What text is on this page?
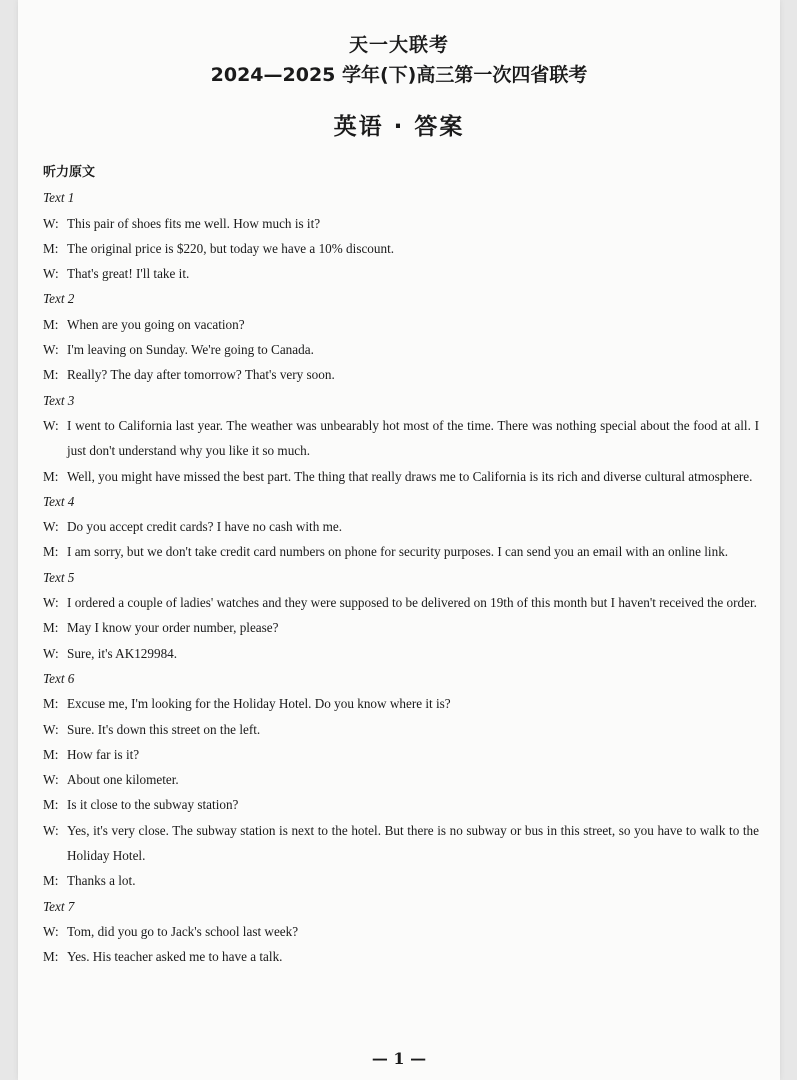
天一大联考
2024—2025 学年(下)高三第一次四省联考
英语 · 答案
听力原文
Text 1
W: This pair of shoes fits me well. How much is it?
M: The original price is $220, but today we have a 10% discount.
W: That's great! I'll take it.
Text 2
M: When are you going on vacation?
W: I'm leaving on Sunday. We're going to Canada.
M: Really? The day after tomorrow? That's very soon.
Text 3
W: I went to California last year. The weather was unbearably hot most of the time. There was nothing special about the food at all. I just don't understand why you like it so much.
M: Well, you might have missed the best part. The thing that really draws me to California is its rich and diverse cultural atmosphere.
Text 4
W: Do you accept credit cards? I have no cash with me.
M: I am sorry, but we don't take credit card numbers on phone for security purposes. I can send you an email with an online link.
Text 5
W: I ordered a couple of ladies' watches and they were supposed to be delivered on 19th of this month but I haven't received the order.
M: May I know your order number, please?
W: Sure, it's AK129984.
Text 6
M: Excuse me, I'm looking for the Holiday Hotel. Do you know where it is?
W: Sure. It's down this street on the left.
M: How far is it?
W: About one kilometer.
M: Is it close to the subway station?
W: Yes, it's very close. The subway station is next to the hotel. But there is no subway or bus in this street, so you have to walk to the Holiday Hotel.
M: Thanks a lot.
Text 7
W: Tom, did you go to Jack's school last week?
M: Yes. His teacher asked me to have a talk.
— 1 —
